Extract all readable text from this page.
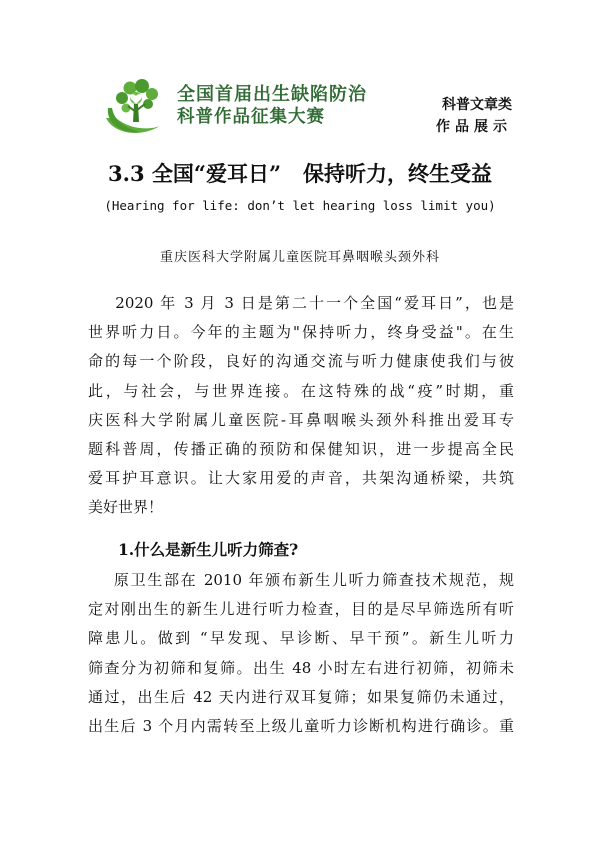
全国首届出生缺陷防治
科普作品征集大赛
科普文章类
作品展示
3.3 全国“爱耳日”   保持听力，终生受益
(Hearing for life: don’t let hearing loss limit you)
重庆医科大学附属儿童医院耳鼻咽喉头颈外科
2020 年 3 月 3 日是第二十一个全国“爱耳日”，也是
世界听力日。今年的主题为"保持听力，终身受益"。在生
命的每一个阶段，良好的沟通交流与听力健康使我们与彼
此，与社会，与世界连接。在这特殊的战“疫”时期，重
庆医科大学附属儿童医院-耳鼻咽喉头颈外科推出爱耳专
题科普周，传播正确的预防和保健知识，进一步提高全民
爱耳护耳意识。让大家用爱的声音，共架沟通桥梁，共筑
美好世界！
1.什么是新生儿听力筛查?
原卫生部在 2010 年颁布新生儿听力筛查技术规范，规
定对刚出生的新生儿进行听力检查，目的是尽早筛选所有听
障患儿。做到 “早发现、早诊断、早干预”。新生儿听力
筛查分为初筛和复筛。出生 48 小时左右进行初筛，初筛未
通过，出生后 42 天内进行双耳复筛；如果复筛仍未通过，
出生后 3 个月内需转至上级儿童听力诊断机构进行确诊。重
